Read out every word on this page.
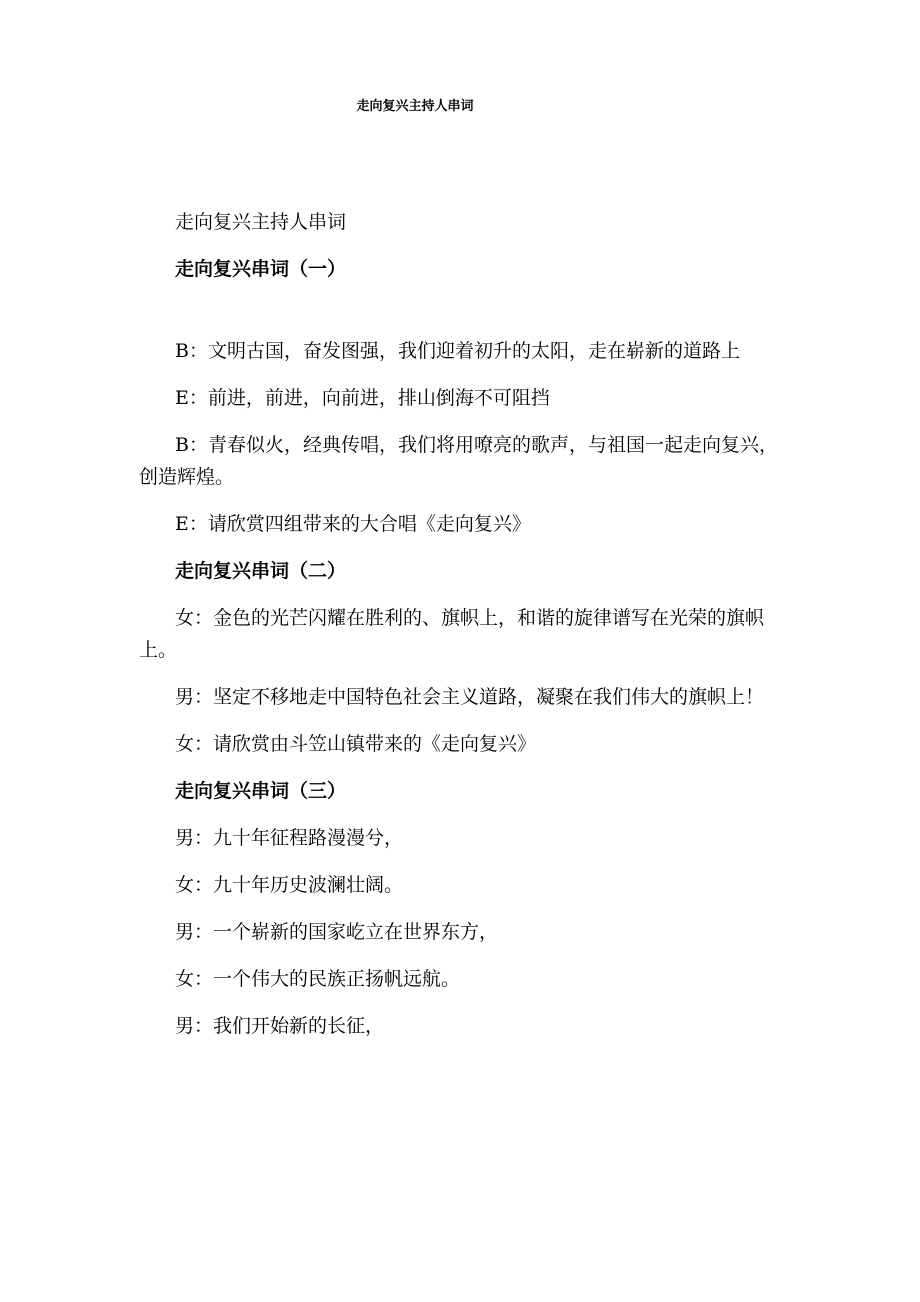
走向复兴主持人串词

走向复兴主持人串词

走向复兴串词（一）

B：文明古国，奋发图强，我们迎着初升的太阳，走在崭新的道路上

E：前进，前进，向前进，排山倒海不可阻挡

B：青春似火，经典传唱，我们将用嘹亮的歌声，与祖国一起走向复兴，创造辉煌。

E：请欣赏四组带来的大合唱《走向复兴》

走向复兴串词（二）

女：金色的光芒闪耀在胜利的、旗帜上，和谐的旋律谱写在光荣的旗帜上。

男：坚定不移地走中国特色社会主义道路，凝聚在我们伟大的旗帜上！

女：请欣赏由斗笠山镇带来的《走向复兴》

走向复兴串词（三）

男：九十年征程路漫漫兮，

女：九十年历史波澜壮阔。

男：一个崭新的国家屹立在世界东方，

女：一个伟大的民族正扬帆远航。

男：我们开始新的长征，
